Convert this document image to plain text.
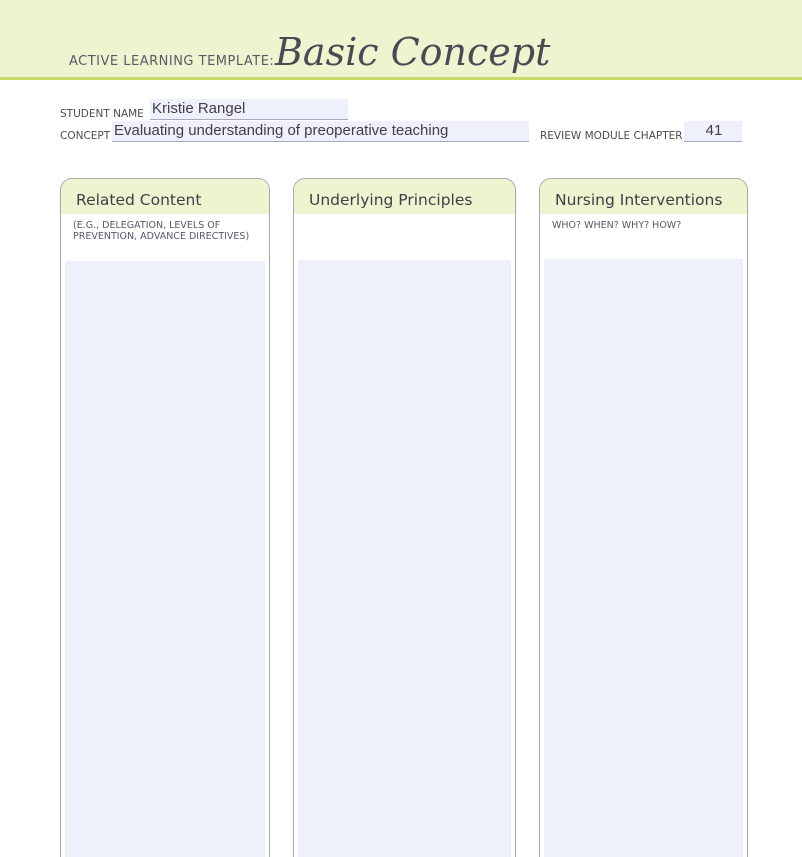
ACTIVE LEARNING TEMPLATE: Basic Concept
STUDENT NAME Kristie Rangel
CONCEPT Evaluating understanding of preoperative teaching	REVIEW MODULE CHAPTER	41
Related Content
(E.G., DELEGATION, LEVELS OF PREVENTION, ADVANCE DIRECTIVES)
Underlying Principles	Nursing Interventions
WHO? WHEN? WHY? HOW?
